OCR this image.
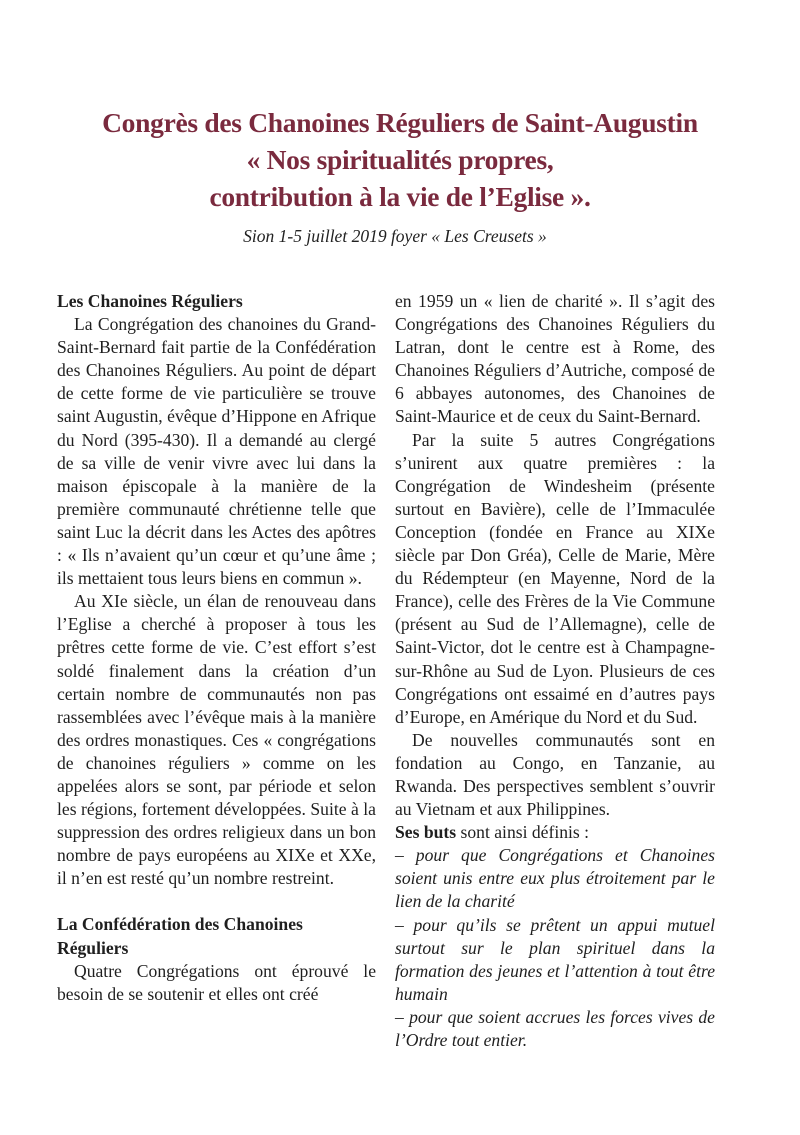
Congrès des Chanoines Réguliers de Saint-Augustin
« Nos spiritualités propres,
contribution à la vie de l’Eglise ».
Sion 1-5 juillet 2019 foyer « Les Creusets »

Les Chanoines Réguliers

La Congrégation des chanoines du Grand-Saint-Bernard fait partie de la Confédération des Chanoines Réguliers. Au point de départ de cette forme de vie particulière se trouve saint Augustin, évêque d’Hippone en Afrique du Nord (395-430). Il a demandé au clergé de sa ville de venir vivre avec lui dans la maison épiscopale à la manière de la première communauté chrétienne telle que saint Luc la décrit dans les Actes des apôtres : « Ils n’avaient qu’un cœur et qu’une âme ; ils mettaient tous leurs biens en commun ».

Au XIe siècle, un élan de renouveau dans l’Eglise a cherché à proposer à tous les prêtres cette forme de vie. C’est effort s’est soldé finalement dans la création d’un certain nombre de communautés non pas rassemblées avec l’évêque mais à la manière des ordres monastiques. Ces « congrégations de chanoines réguliers » comme on les appelées alors se sont, par période et selon les régions, fortement développées. Suite à la suppression des ordres religieux dans un bon nombre de pays européens au XIXe et XXe, il n’en est resté qu’un nombre restreint.

La Confédération des Chanoines Réguliers

Quatre Congrégations ont éprouvé le besoin de se soutenir et elles ont créé

en 1959 un « lien de charité ». Il s’agit des Congrégations des Chanoines Réguliers du Latran, dont le centre est à Rome, des Chanoines Réguliers d’Autriche, composé de 6 abbayes autonomes, des Chanoines de Saint-Maurice et de ceux du Saint-Bernard.

Par la suite 5 autres Congrégations s’unirent aux quatre premières : la Congrégation de Windesheim (présente surtout en Bavière), celle de l’Immaculée Conception (fondée en France au XIXe siècle par Don Gréa), Celle de Marie, Mère du Rédempteur (en Mayenne, Nord de la France), celle des Frères de la Vie Commune (présent au Sud de l’Allemagne), celle de Saint-Victor, dot le centre est à Champagne-sur-Rhône au Sud de Lyon. Plusieurs de ces Congrégations ont essaimé en d’autres pays d’Europe, en Amérique du Nord et du Sud.

De nouvelles communautés sont en fondation au Congo, en Tanzanie, au Rwanda. Des perspectives semblent s’ouvrir au Vietnam et aux Philippines.

Ses buts sont ainsi définis :

– pour que Congrégations et Chanoines soient unis entre eux plus étroitement par le lien de la charité

– pour qu’ils se prêtent un appui mutuel surtout sur le plan spirituel dans la formation des jeunes et l’attention à tout être humain

– pour que soient accrues les forces vives de l’Ordre tout entier.
